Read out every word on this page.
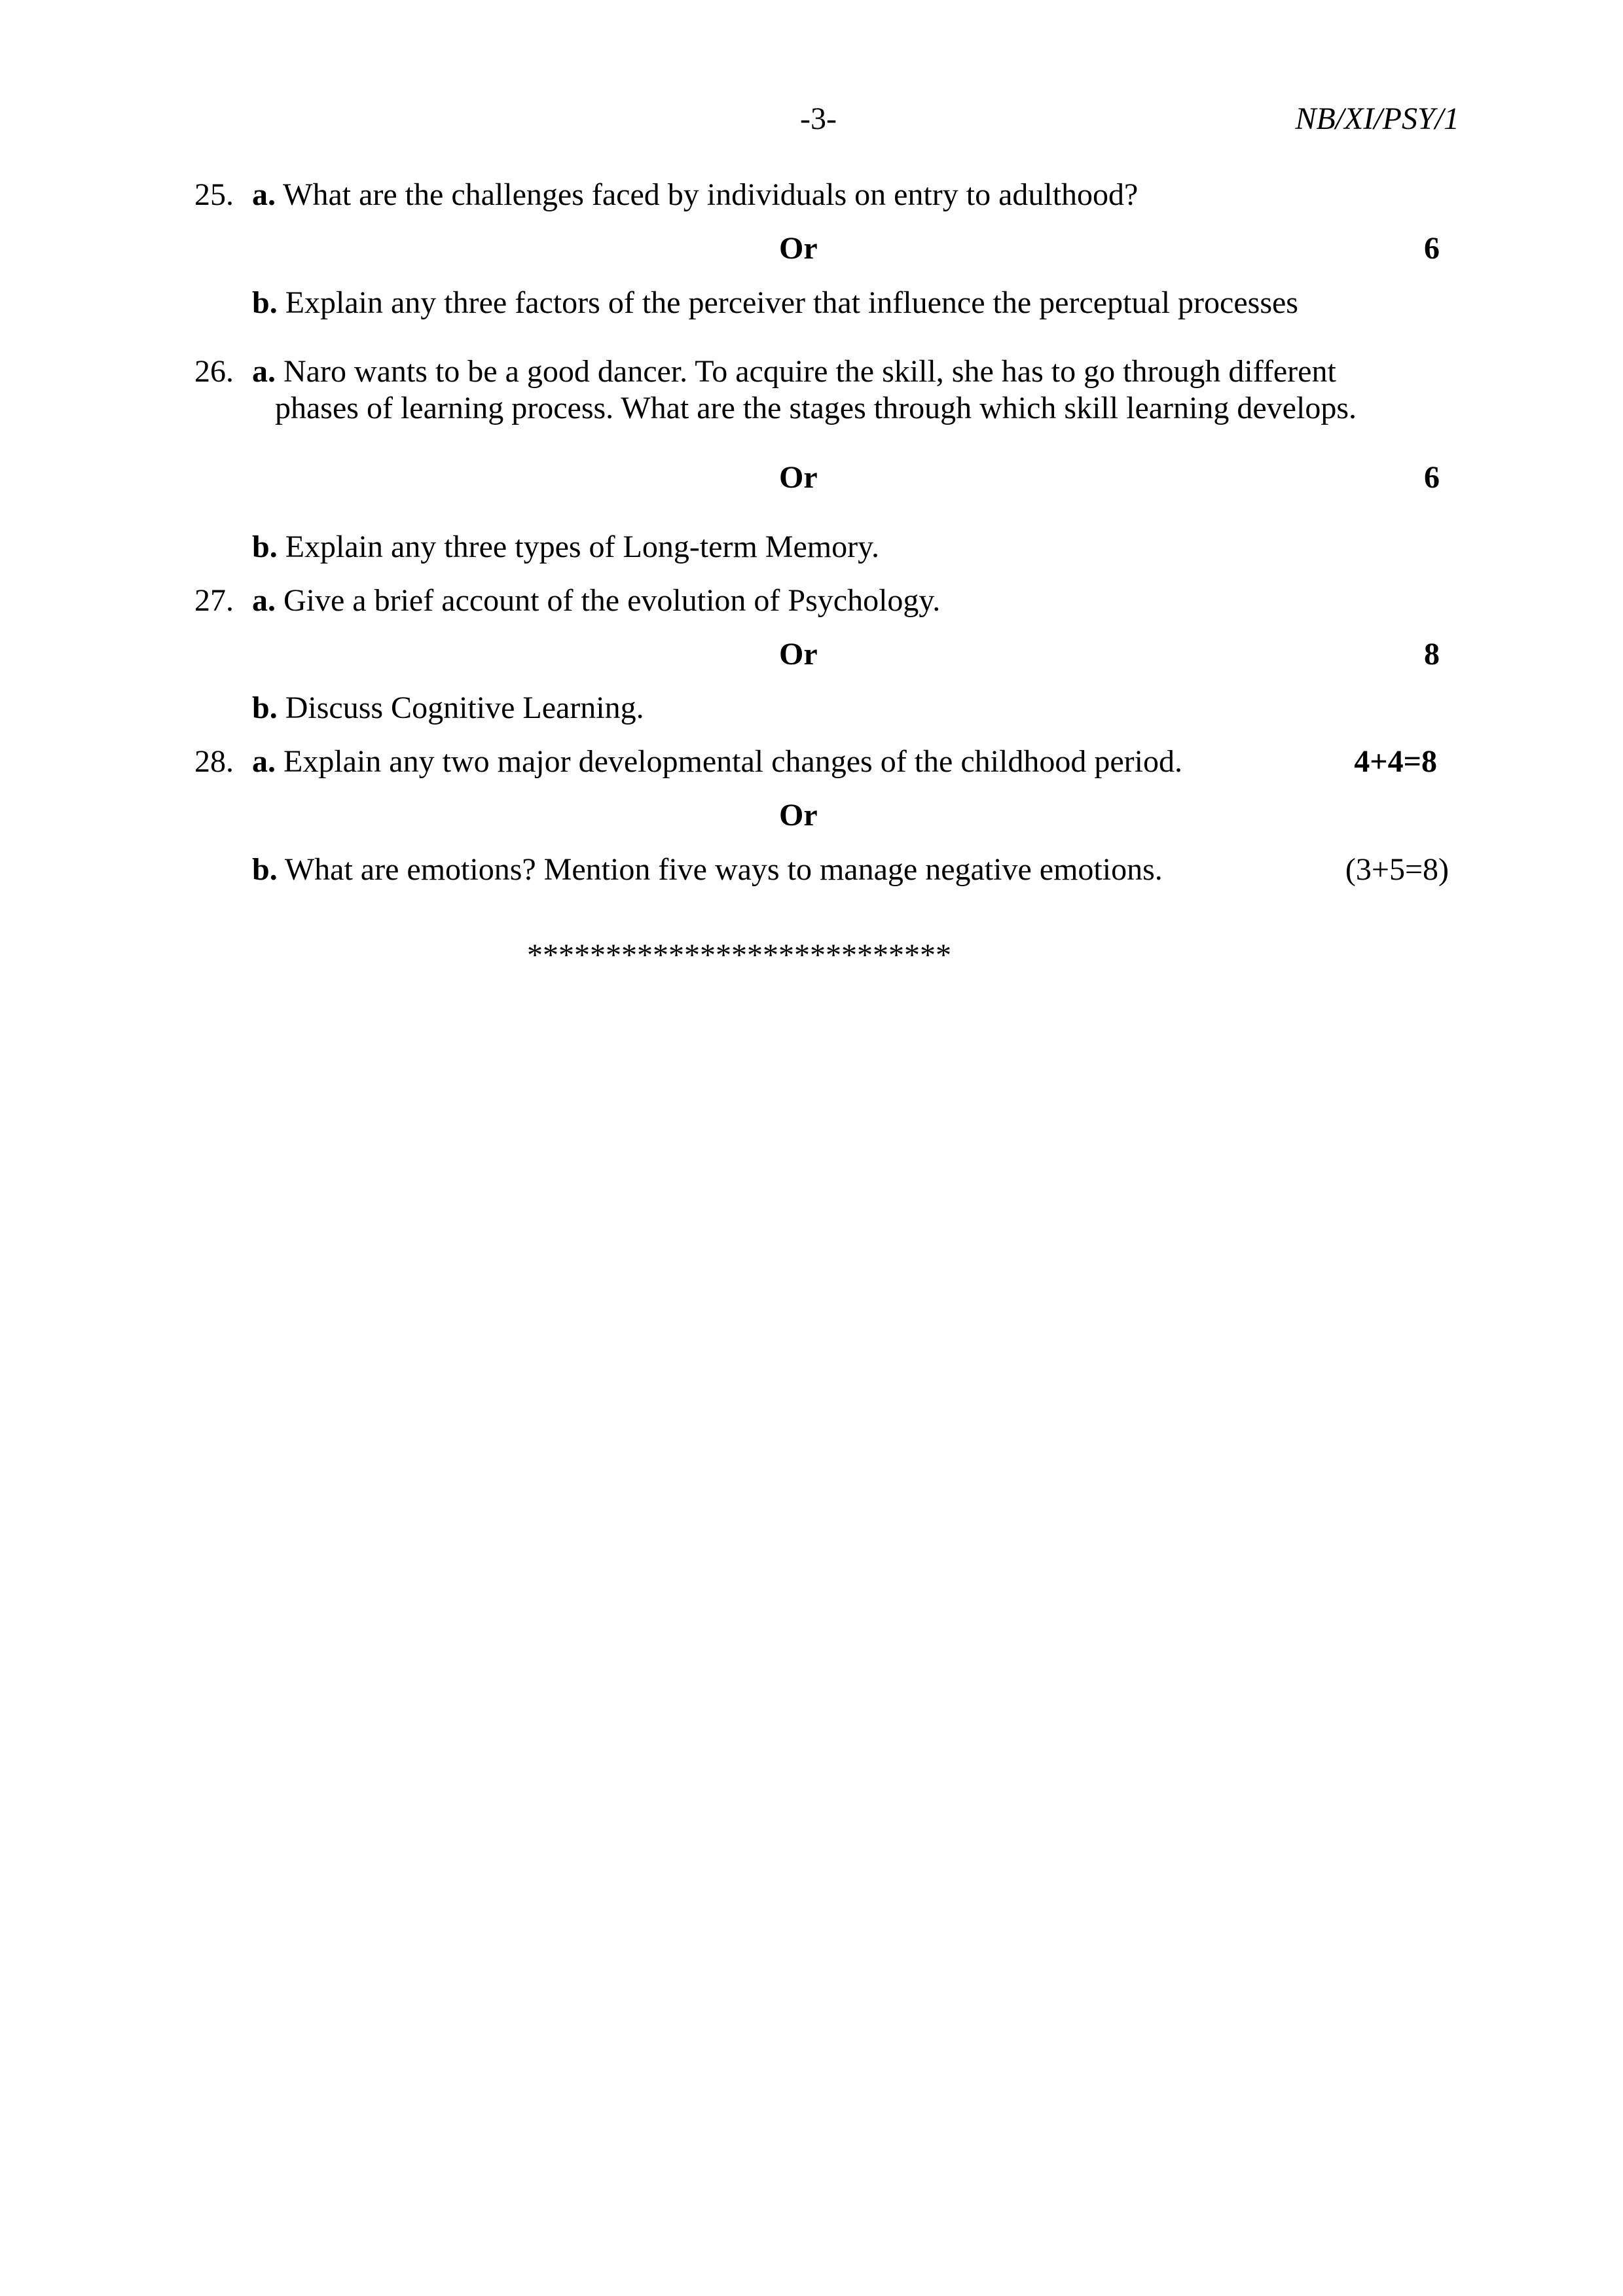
-3-	NB/XI/PSY/1
25. a. What are the challenges faced by individuals on entry to adulthood?
Or	6
b. Explain any three factors of the perceiver that influence the perceptual processes
26. a. Naro wants to be a good dancer. To acquire the skill, she has to go through different
phases of learning process. What are the stages through which skill learning develops.
Or	6
b. Explain any three types of Long-term Memory.
27. a. Give a brief account of the evolution of Psychology.
Or	8
b. Discuss Cognitive Learning.
28. a. Explain any two major developmental changes of the childhood period.	4+4=8
Or
b. What are emotions? Mention five ways to manage negative emotions.	(3+5=8)
***************************
